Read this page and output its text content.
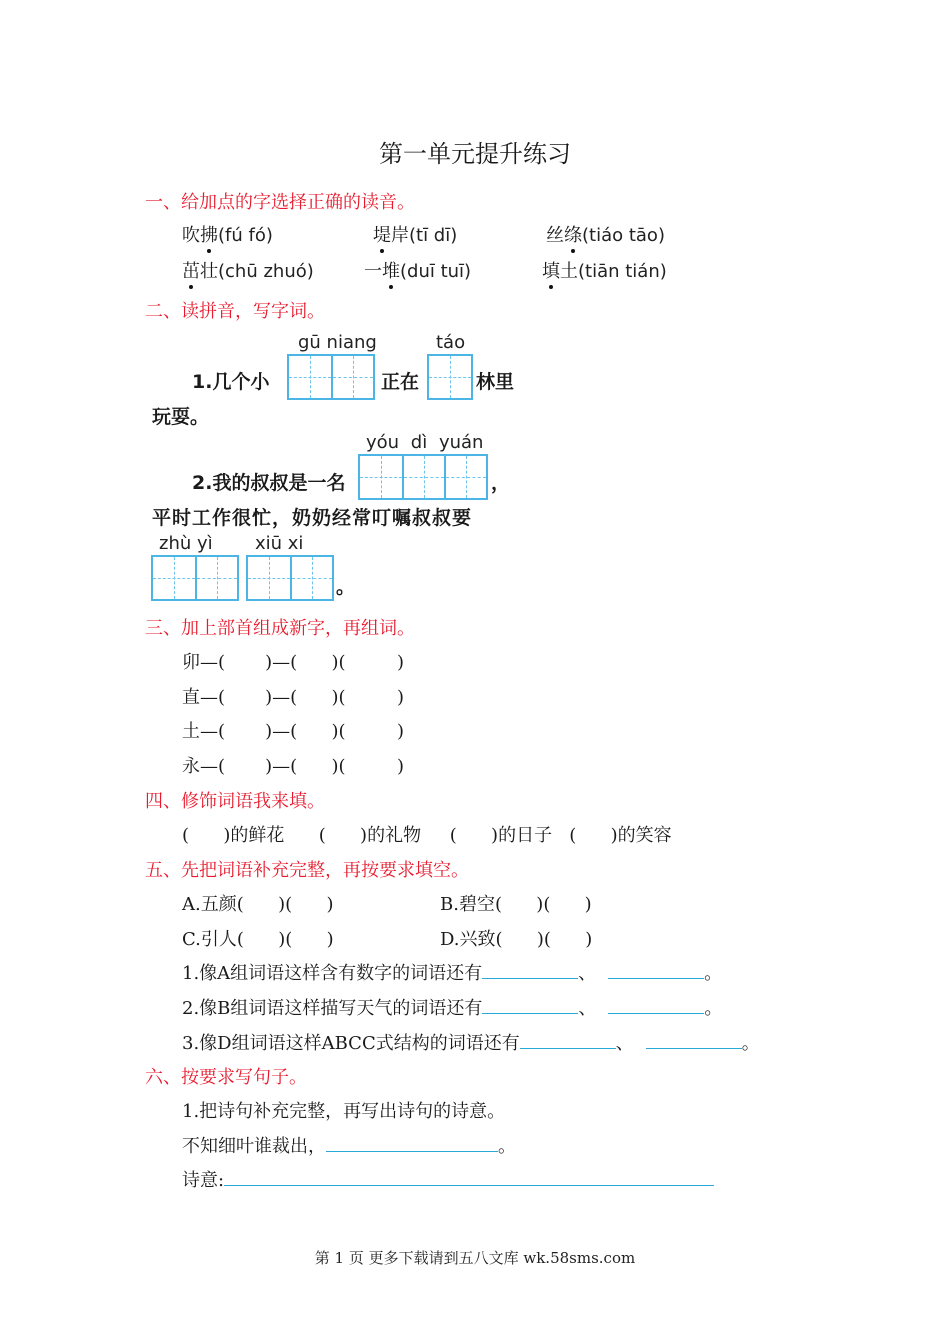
第一单元提升练习
一、给加点的字选择正确的读音。
吹拂(fú fó)	堤岸(tī dī)	丝绦(tiáo tāo)
茁壮(chū zhuó)	一堆(duī tuī)	填土(tiān tián)
二、读拼音，写字词。
gū niang	táo
1.几个小	正在	林里
玩耍。
yóu dì yuán
2.我的叔叔是一名	，
平时工作很忙，奶奶经常叮嘱叔叔要
zhù yì xiū xi
。
三、加上部首组成新字，再组词。
卯—(       )—(      )(         )
直—(       )—(      )(         )
土—(       )—(      )(         )
永—(       )—(      )(         )
四、修饰词语我来填。
(      )的鲜花      (      )的礼物     (      )的日子   (      )的笑容
五、先把词语补充完整，再按要求填空。
A.五颜(      )(      )	B.碧空(      )(      )
C.引人(      )(      )	D.兴致(      )(      )
1.像A组词语这样含有数字的词语还有	、	。
2.像B组词语这样描写天气的词语还有	、	。
3.像D组词语这样ABCC式结构的词语还有	、	。
六、按要求写句子。
1.把诗句补充完整，再写出诗句的诗意。
不知细叶谁裁出，	。
诗意:
第 1 页 更多下载请到五八文库 wk.58sms.com
